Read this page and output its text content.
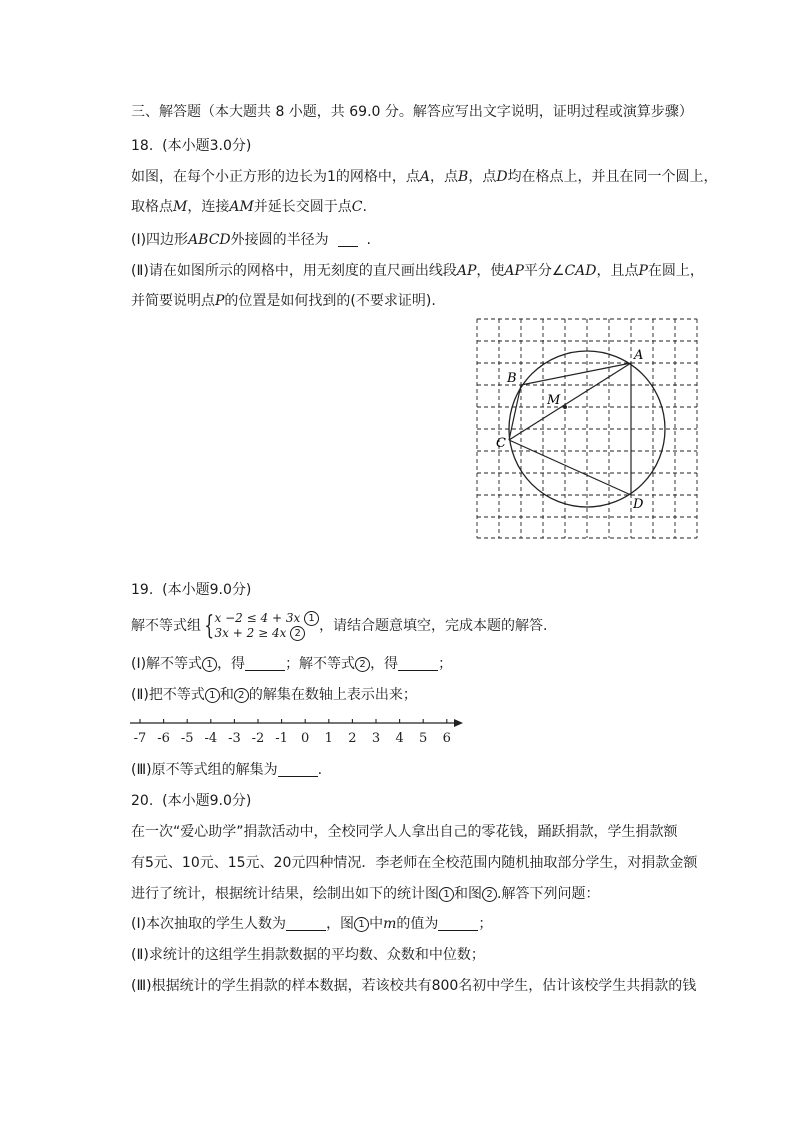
三、解答题（本大题共 8 小题，共 69.0 分。解答应写出文字说明，证明过程或演算步骤）
18. (本小题3.0分)
如图，在每个小正方形的边长为1的网格中，点A，点B，点D均在格点上，并且在同一个圆上，
取格点M，连接AM并延长交圆于点C.
(Ⅰ)四边形ABCD外接圆的半径为	.
(Ⅱ)请在如图所示的网格中，用无刻度的直尺画出线段AP，使AP平分∠CAD，且点P在圆上，
并简要说明点P的位置是如何找到的(不要求证明).
A
B
M
C
D
19. (本小题9.0分)
解不等式组 { x −2 ≤ 4 + 3x 1
3x + 2 ≥ 4x 2	，请结合题意填空，完成本题的解答.
(Ⅰ)解不等式 1 ，得	；解不等式 2 ，得	；
(Ⅱ)把不等式 1 和 2 的解集在数轴上表示出来；
-7 -6 -5 -4 -3 -2 -1 0 1 2 3 4 5 6
(Ⅲ)原不等式组的解集为	.
20. (本小题9.0分)
在一次“爱心助学”捐款活动中，全校同学人人拿出自己的零花钱，踊跃捐款，学生捐款额
有5元、10元、15元、20元四种情况．李老师在全校范围内随机抽取部分学生，对捐款金额
进行了统计，根据统计结果，绘制出如下的统计图 1 和图 2 .解答下列问题：
(Ⅰ)本次抽取的学生人数为	，图 1 中m的值为	；
(Ⅱ)求统计的这组学生捐款数据的平均数、众数和中位数；
(Ⅲ)根据统计的学生捐款的样本数据，若该校共有800名初中学生，估计该校学生共捐款的钱
